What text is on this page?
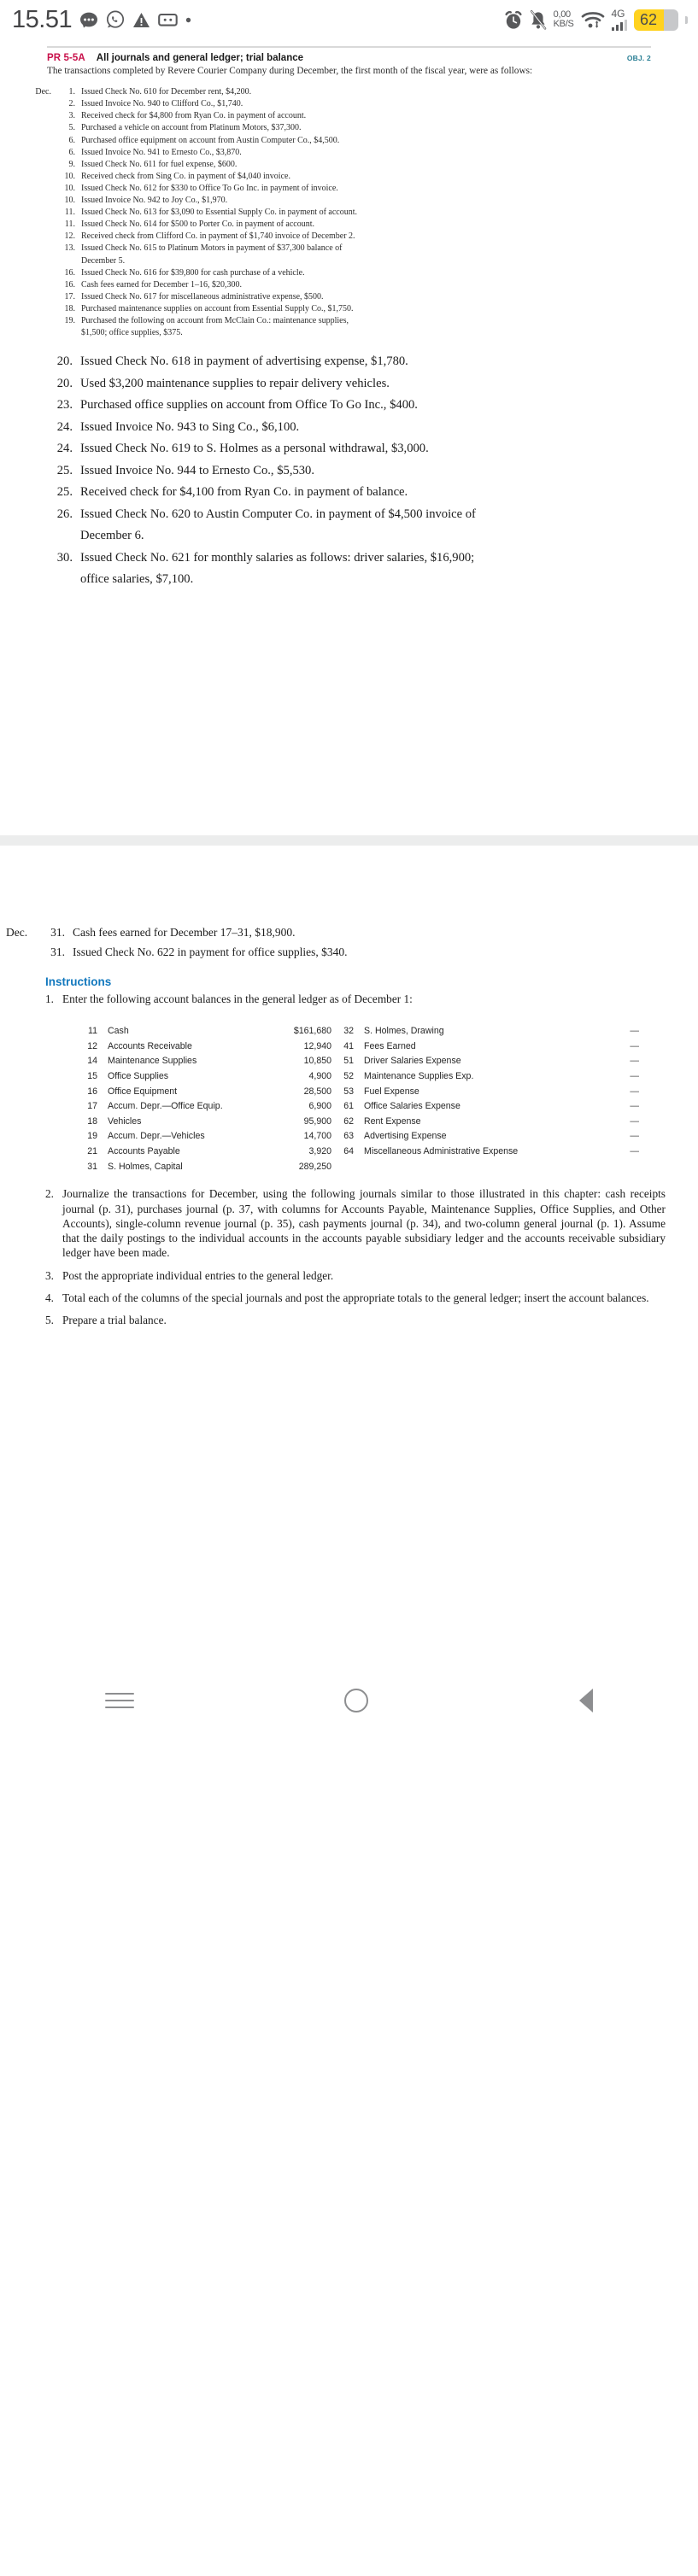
15.51	0,00
KB/S
4G 62
PR 5-5A All journals and general ledger; trial balance	OBJ. 2
The transactions completed by Revere Courier Company during December, the first month of the fiscal year, were as follows:
Dec.	1. Issued Check No. 610 for December rent, $4,200.
2. Issued Invoice No. 940 to Clifford Co., $1,740.
3. Received check for $4,800 from Ryan Co. in payment of account.
5. Purchased a vehicle on account from Platinum Motors, $37,300.
6. Purchased office equipment on account from Austin Computer Co., $4,500.
6. Issued Invoice No. 941 to Ernesto Co., $3,870.
9. Issued Check No. 611 for fuel expense, $600.
10. Received check from Sing Co. in payment of $4,040 invoice.
10. Issued Check No. 612 for $330 to Office To Go Inc. in payment of invoice.
10. Issued Invoice No. 942 to Joy Co., $1,970.
11. Issued Check No. 613 for $3,090 to Essential Supply Co. in payment of account.
11. Issued Check No. 614 for $500 to Porter Co. in payment of account.
12. Received check from Clifford Co. in payment of $1,740 invoice of December 2.
13. Issued Check No. 615 to Platinum Motors in payment of $37,300 balance of
December 5.
16. Issued Check No. 616 for $39,800 for cash purchase of a vehicle.
16. Cash fees earned for December 1–16, $20,300.
17. Issued Check No. 617 for miscellaneous administrative expense, $500.
18. Purchased maintenance supplies on account from Essential Supply Co., $1,750.
19. Purchased the following on account from McClain Co.: maintenance supplies,
$1,500; office supplies, $375.
20. Issued Check No. 618 in payment of advertising expense, $1,780.
20. Used $3,200 maintenance supplies to repair delivery vehicles.
23. Purchased office supplies on account from Office To Go Inc., $400.
24. Issued Invoice No. 943 to Sing Co., $6,100.
24. Issued Check No. 619 to S. Holmes as a personal withdrawal, $3,000.
25. Issued Invoice No. 944 to Ernesto Co., $5,530.
25. Received check for $4,100 from Ryan Co. in payment of balance.
26. Issued Check No. 620 to Austin Computer Co. in payment of $4,500 invoice of
December 6.
30. Issued Check No. 621 for monthly salaries as follows: driver salaries, $16,900;
office salaries, $7,100.
Dec.	31. Cash fees earned for December 17–31, $18,900.
31. Issued Check No. 622 in payment for office supplies, $340.
Instructions
1. Enter the following account balances in the general ledger as of December 1:
11	Cash	$161,680
12	Accounts Receivable	12,940
14	Maintenance Supplies	10,850
15	Office Supplies	4,900
16	Office Equipment	28,500
17	Accum. Depr.—Office Equip.	6,900
18	Vehicles	95,900
19	Accum. Depr.—Vehicles	14,700
21	Accounts Payable	3,920
31	S. Holmes, Capital	289,250
32	S. Holmes, Drawing	—
41	Fees Earned	—
51	Driver Salaries Expense	—
52	Maintenance Supplies Exp.	—
53	Fuel Expense	—
61	Office Salaries Expense	—
62	Rent Expense	—
63	Advertising Expense	—
64	Miscellaneous Administrative Expense	—
2. Journalize the transactions for December, using the following journals similar to those illustrated in this chapter: cash receipts journal (p. 31), purchases journal (p. 37, with columns for Accounts Payable, Maintenance Supplies, Office Supplies, and Other Accounts), single-column revenue journal (p. 35), cash payments journal (p. 34), and two-column general journal (p. 1). Assume that the daily postings to the individual accounts in the accounts payable subsidiary ledger and the accounts receivable subsidiary ledger have been made.
3. Post the appropriate individual entries to the general ledger.
4. Total each of the columns of the special journals and post the appropriate totals to the general ledger; insert the account balances.
5. Prepare a trial balance.
